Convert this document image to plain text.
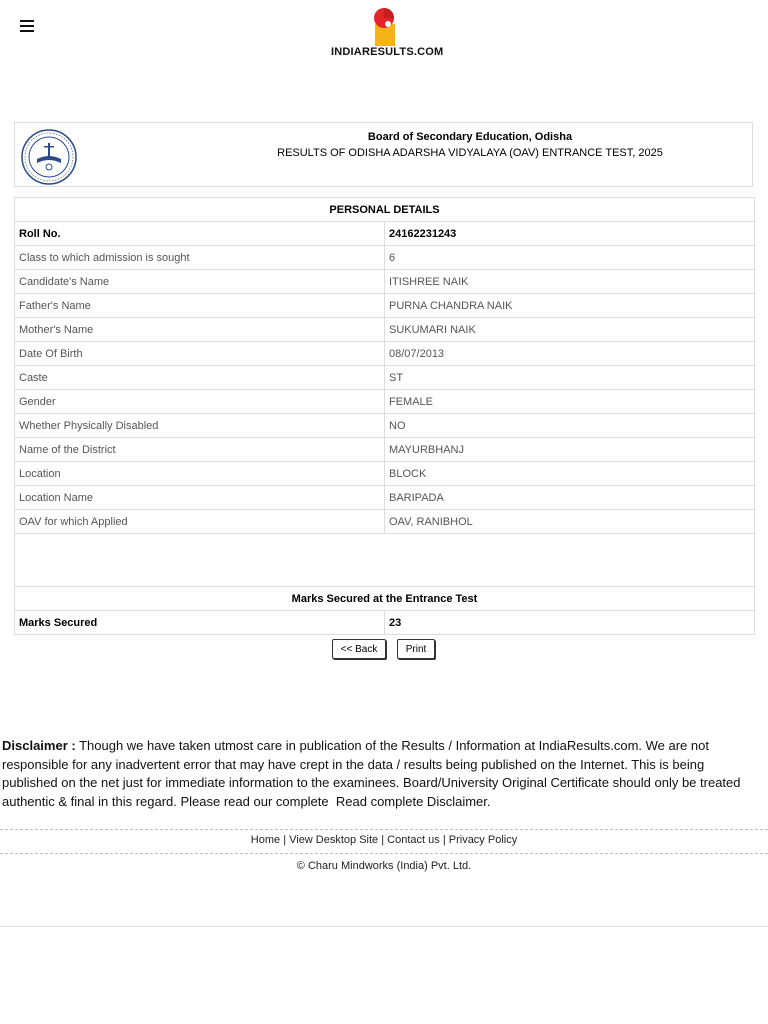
INDIARESULTS.COM
Board of Secondary Education, Odisha
RESULTS OF ODISHA ADARSHA VIDYALAYA (OAV) ENTRANCE TEST, 2025
PERSONAL DETAILS	
Roll No.	24162231243
Class to which admission is sought	6
Candidate's Name	ITISHREE NAIK
Father's Name	PURNA CHANDRA NAIK
Mother's Name	SUKUMARI NAIK
Date Of Birth	08/07/2013
Caste	ST
Gender	FEMALE
Whether Physically Disabled	NO
Name of the District	MAYURBHANJ
Location	BLOCK
Location Name	BARIPADA
OAV for which Applied	OAV, RANIBHOL

Marks Secured at the Entrance Test	
Marks Secured	23
<< Back	Print
Disclaimer : Though we have taken utmost care in publication of the Results / Information at IndiaResults.com. We are not responsible for any inadvertent error that may have crept in the data / results being published on the Internet. This is being published on the net just for immediate information to the examinees. Board/University Original Certificate should only be treated authentic & final in this regard. Please read our complete Read complete Disclaimer.
Home | View Desktop Site | Contact us | Privacy Policy
© Charu Mindworks (India) Pvt. Ltd.
